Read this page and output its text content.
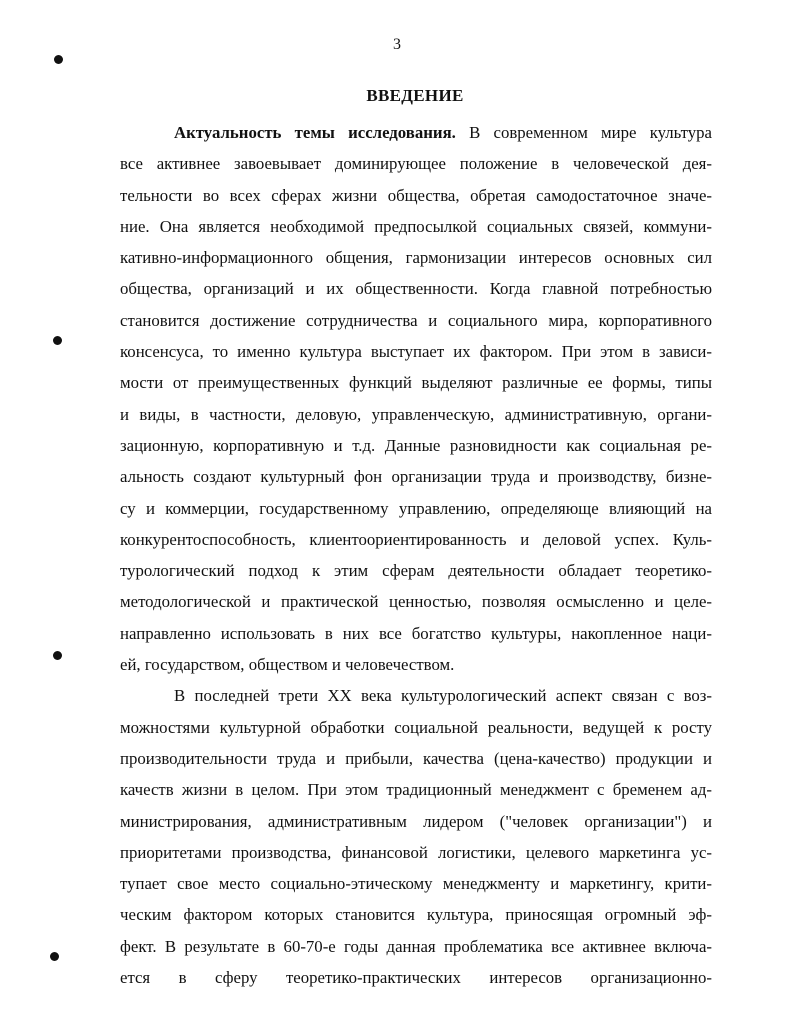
3
ВВЕДЕНИЕ
Актуальность темы исследования. В современном мире культура
все активнее завоевывает доминирующее положение в человеческой дея-
тельности во всех сферах жизни общества, обретая самодостаточное значе-
ние. Она является необходимой предпосылкой социальных связей, коммуни-
кативно-информационного общения, гармонизации интересов основных сил
общества, организаций и их общественности. Когда главной потребностью
становится достижение сотрудничества и социального мира, корпоративного
консенсуса, то именно культура выступает их фактором. При этом в зависи-
мости от преимущественных функций выделяют различные ее формы, типы
и виды, в частности, деловую, управленческую, административную, органи-
зационную, корпоративную и т.д. Данные разновидности как социальная ре-
альность создают культурный фон организации труда и производству, бизне-
су и коммерции, государственному управлению, определяюще влияющий на
конкурентоспособность, клиентоориентированность и деловой успех. Куль-
турологический подход к этим сферам деятельности обладает теоретико-
методологической и практической ценностью, позволяя осмысленно и целе-
направленно использовать в них все богатство культуры, накопленное наци-
ей, государством, обществом и человечеством.
В последней трети XX века культурологический аспект связан с воз-
можностями культурной обработки социальной реальности, ведущей к росту
производительности труда и прибыли, качества (цена-качество) продукции и
качеств жизни в целом. При этом традиционный менеджмент с бременем ад-
министрирования, административным лидером ("человек организации") и
приоритетами производства, финансовой логистики, целевого маркетинга ус-
тупает свое место социально-этическому менеджменту и маркетингу, крити-
ческим фактором которых становится культура, приносящая огромный эф-
фект. В результате в 60-70-е годы данная проблематика все активнее включа-
ется в сферу теоретико-практических интересов организационно-
